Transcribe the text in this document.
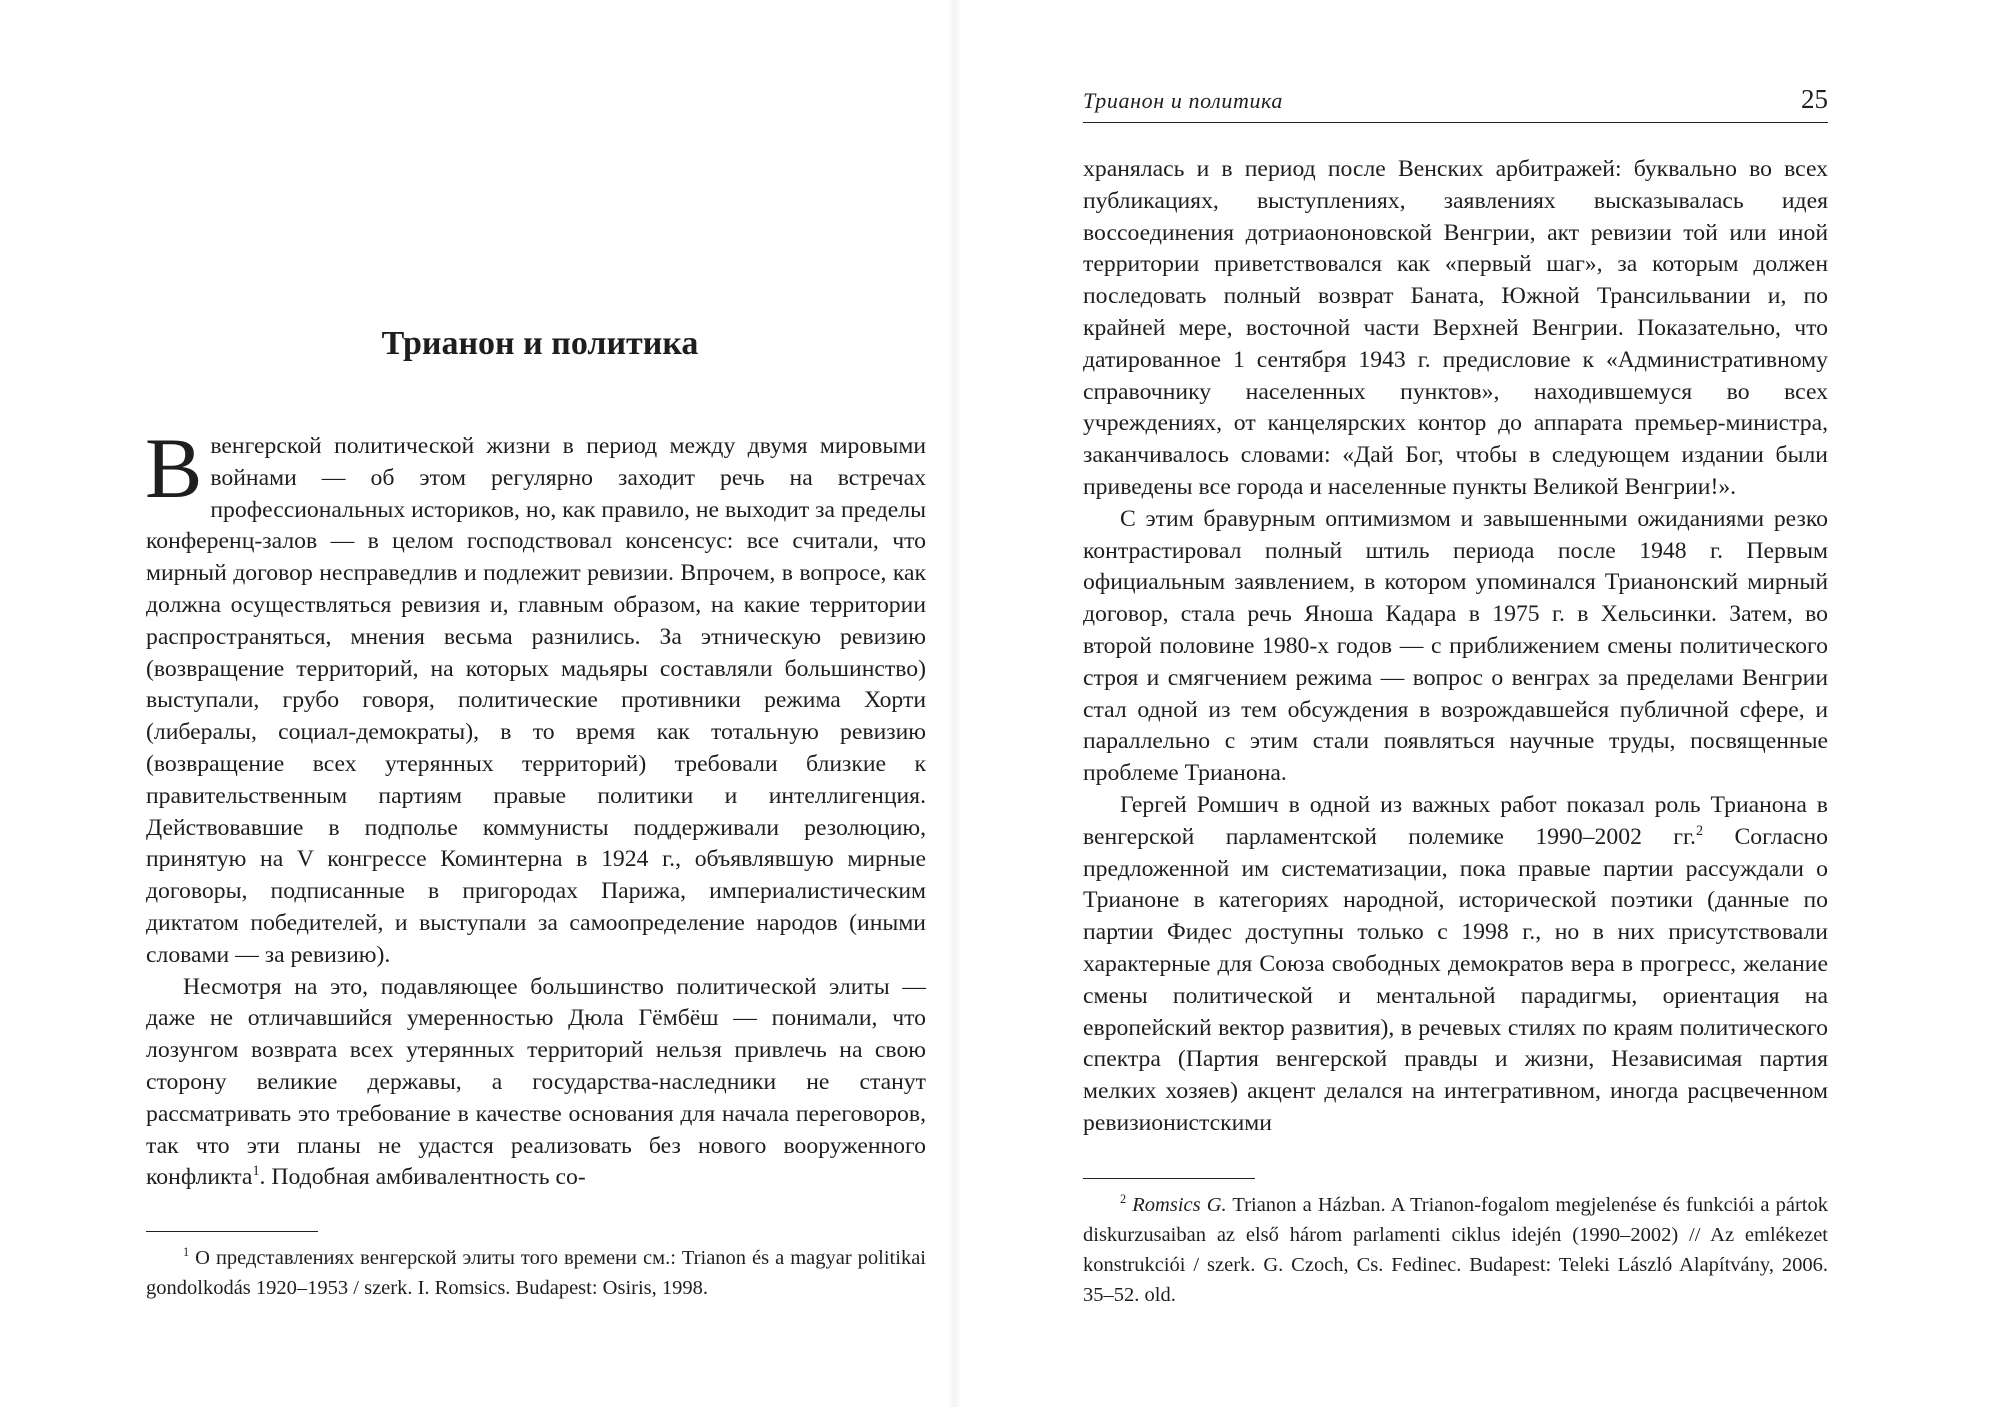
Трианон и политика

Ввенгерской политической жизни в период между двумя мировыми войнами — об этом регулярно заходит речь на встречах профессиональных историков, но, как правило, не выходит за пределы конференц-залов — в целом господствовал консенсус: все считали, что мирный договор несправедлив и подлежит ревизии. Впрочем, в вопросе, как должна осуществляться ревизия и, главным образом, на какие территории распространяться, мнения весьма разнились. За этническую ревизию (возвращение территорий, на которых мадьяры составляли большинство) выступали, грубо говоря, политические противники режима Хорти (либералы, социал-демократы), в то время как тотальную ревизию (возвращение всех утерянных территорий) требовали близкие к правительственным партиям правые политики и интеллигенция. Действовавшие в подполье коммунисты поддерживали резолюцию, принятую на V конгрессе Коминтерна в 1924 г., объявлявшую мирные договоры, подписанные в пригородах Парижа, империалистическим диктатом победителей, и выступали за самоопределение народов (иными словами — за ревизию).

Несмотря на это, подавляющее большинство политической элиты — даже не отличавшийся умеренностью Дюла Гёмбёш — понимали, что лозунгом возврата всех утерянных территорий нельзя привлечь на свою сторону великие державы, а государства-наследники не станут рассматривать это требование в качестве основания для начала переговоров, так что эти планы не удастся реализовать без нового вооруженного конфликта$^1$. Подобная амбивалентность со-

$^1$ О представлениях венгерской элиты того времени см.: Trianon és a magyar politikai gondolkodás 1920–1953 / szerk. I. Romsics. Budapest: Osiris, 1998.

Трианон и политика	25

хранялась и в период после Венских арбитражей: буквально во всех публикациях, выступлениях, заявлениях высказывалась идея воссоединения дотриаононовской Венгрии, акт ревизии той или иной территории приветствовался как «первый шаг», за которым должен последовать полный возврат Баната, Южной Трансильвании и, по крайней мере, восточной части Верхней Венгрии. Показательно, что датированное 1 сентября 1943 г. предисловие к «Административному справочнику населенных пунктов», находившемуся во всех учреждениях, от канцелярских контор до аппарата премьер-министра, заканчивалось словами: «Дай Бог, чтобы в следующем издании были приведены все города и населенные пункты Великой Венгрии!».

С этим бравурным оптимизмом и завышенными ожиданиями резко контрастировал полный штиль периода после 1948 г. Первым официальным заявлением, в котором упоминался Трианонский мирный договор, стала речь Яноша Кадара в 1975 г. в Хельсинки. Затем, во второй половине 1980-х годов — с приближением смены политического строя и смягчением режима — вопрос о венграх за пределами Венгрии стал одной из тем обсуждения в возрождавшейся публичной сфере, и параллельно с этим стали появляться научные труды, посвященные проблеме Трианона.

Гергей Ромшич в одной из важных работ показал роль Трианона в венгерской парламентской полемике 1990–2002 гг.$^2$ Согласно предложенной им систематизации, пока правые партии рассуждали о Трианоне в категориях народной, исторической поэтики (данные по партии Фидес доступны только с 1998 г., но в них присутствовали характерные для Союза свободных демократов вера в прогресс, желание смены политической и ментальной парадигмы, ориентация на европейский вектор развития), в речевых стилях по краям политического спектра (Партия венгерской правды и жизни, Независимая партия мелких хозяев) акцент делался на интегративном, иногда расцвеченном ревизионистскими

$^2$ Romsics G. Trianon a Házban. A Trianon-fogalom megjelenése és funkciói a pártok diskurzusaiban az első három parlamenti ciklus idején (1990–2002) // Az emlékezet konstrukciói / szerk. G. Czoch, Cs. Fedinec. Budapest: Teleki László Alapítvány, 2006. 35–52. old.
